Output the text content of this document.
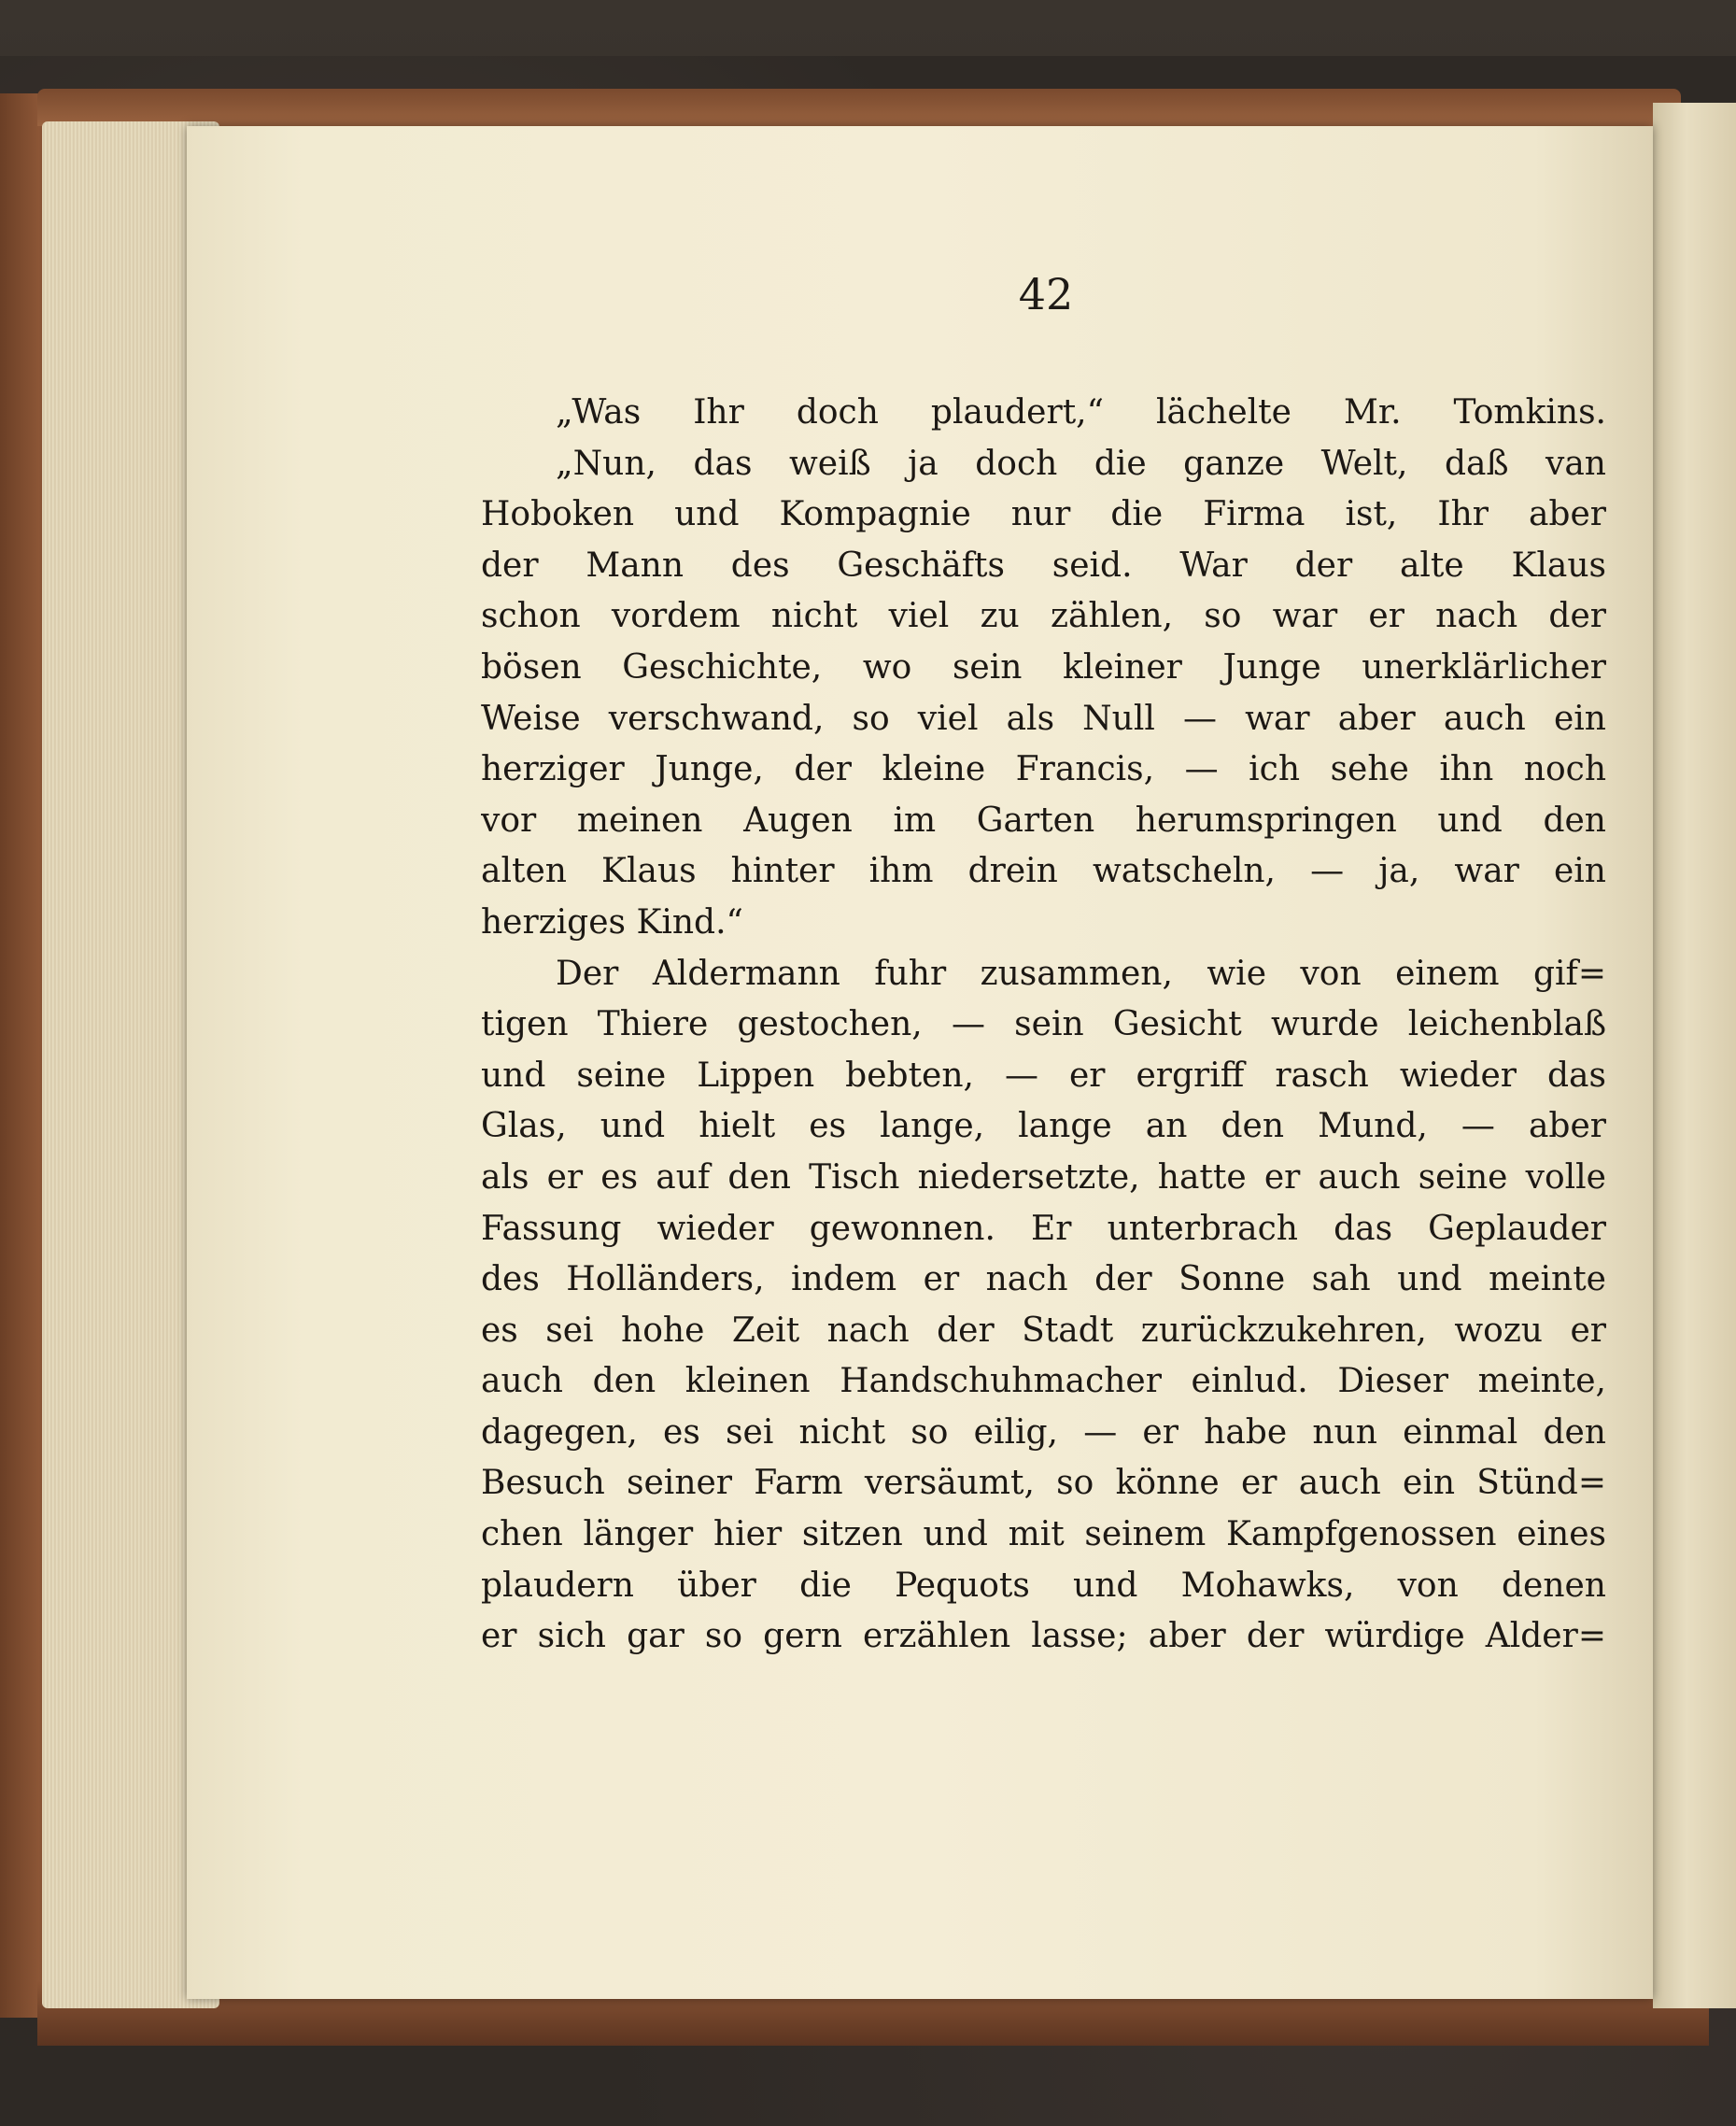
42
„Was Ihr doch plaudert,“ lächelte Mr. Tomkins.
„Nun, das weiß ja doch die ganze Welt, daß van
Hoboken und Kompagnie nur die Firma ist, Ihr aber
der Mann des Geschäfts seid. War der alte Klaus
schon vordem nicht viel zu zählen, so war er nach der
bösen Geschichte, wo sein kleiner Junge unerklärlicher
Weise verschwand, so viel als Null — war aber auch ein
herziger Junge, der kleine Francis, — ich sehe ihn noch
vor meinen Augen im Garten herumspringen und den
alten Klaus hinter ihm drein watscheln, — ja, war ein
herziges Kind.“
Der Aldermann fuhr zusammen, wie von einem gif=
tigen Thiere gestochen, — sein Gesicht wurde leichenblaß
und seine Lippen bebten, — er ergriff rasch wieder das
Glas, und hielt es lange, lange an den Mund, — aber
als er es auf den Tisch niedersetzte, hatte er auch seine volle
Fassung wieder gewonnen. Er unterbrach das Geplauder
des Holländers, indem er nach der Sonne sah und meinte
es sei hohe Zeit nach der Stadt zurückzukehren, wozu er
auch den kleinen Handschuhmacher einlud. Dieser meinte,
dagegen, es sei nicht so eilig, — er habe nun einmal den
Besuch seiner Farm versäumt, so könne er auch ein Stünd=
chen länger hier sitzen und mit seinem Kampfgenossen eines
plaudern über die Pequots und Mohawks, von denen
er sich gar so gern erzählen lasse; aber der würdige Alder=
